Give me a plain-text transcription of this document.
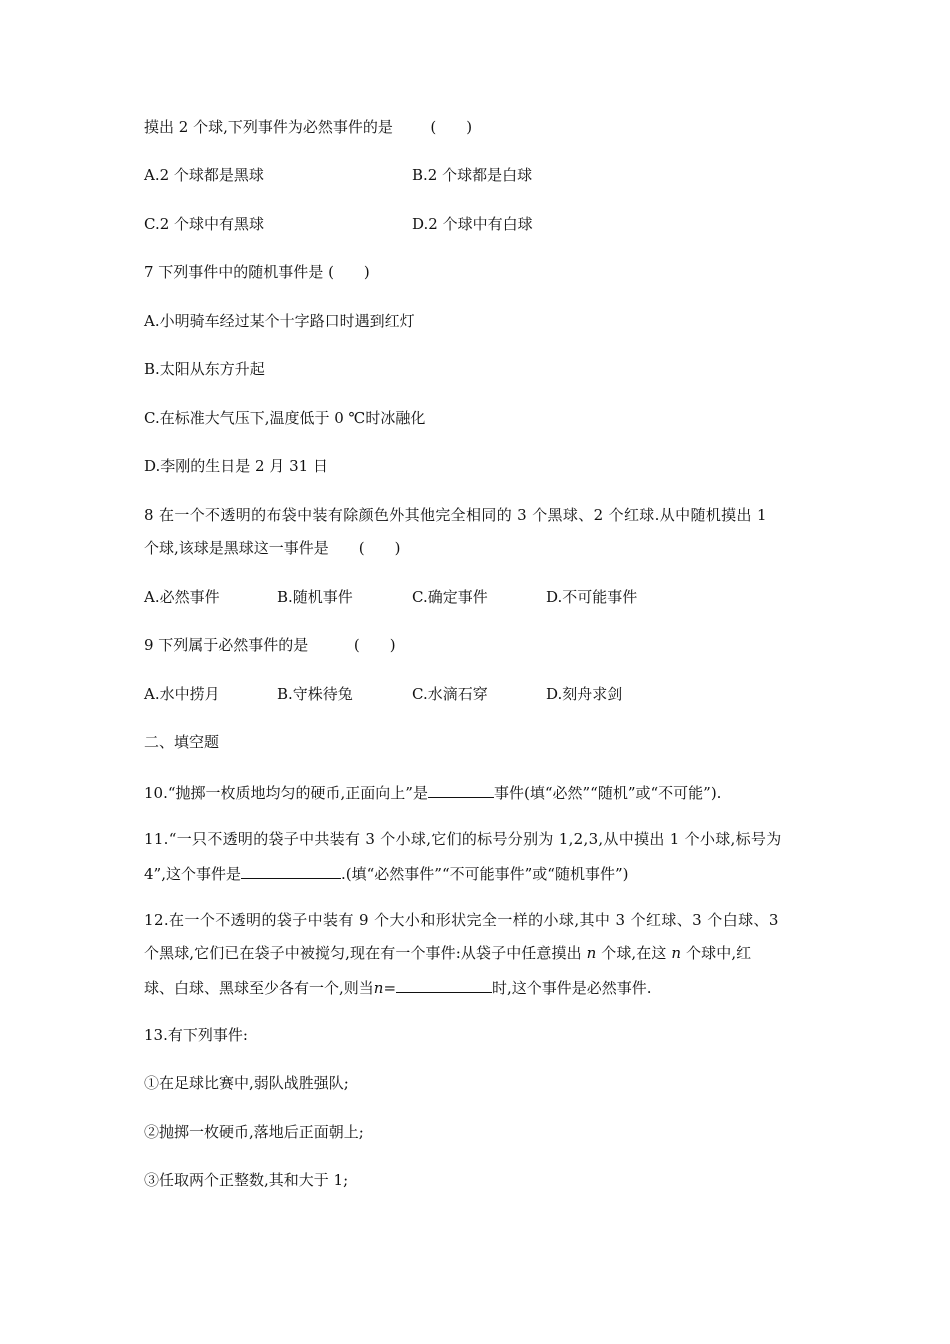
摸出 2 个球,下列事件为必然事件的是	(　　)
A.2 个球都是黑球	B.2 个球都是白球
C.2 个球中有黑球	D.2 个球中有白球
7 下列事件中的随机事件是 (　　)
A.小明骑车经过某个十字路口时遇到红灯
B.太阳从东方升起
C.在标准大气压下,温度低于 0 ℃时冰融化
D.李刚的生日是 2 月 31 日
8 在一个不透明的布袋中装有除颜色外其他完全相同的 3 个黑球、2 个红球.从中随机摸出 1
个球,该球是黑球这一事件是　　(　　)
A.必然事件	B.随机事件	C.确定事件	D.不可能事件
9 下列属于必然事件的是	(　　)
A.水中捞月	B.守株待兔	C.水滴石穿	D.刻舟求剑
二、填空题
10.“抛掷一枚质地均匀的硬币,正面向上”是	事件(填“必然”“随机”或“不可能”).
11.“一只不透明的袋子中共装有 3 个小球,它们的标号分别为 1,2,3,从中摸出 1 个小球,标号为
4”,这个事件是	.(填“必然事件”“不可能事件”或“随机事件”)
12.在一个不透明的袋子中装有 9 个大小和形状完全一样的小球,其中 3 个红球、3 个白球、3
个黑球,它们已在袋子中被搅匀,现在有一个事件:从袋子中任意摸出 n 个球,在这 n 个球中,红
球、白球、黑球至少各有一个,则当n=	时,这个事件是必然事件.
13.有下列事件:
①在足球比赛中,弱队战胜强队;
②抛掷一枚硬币,落地后正面朝上;
③任取两个正整数,其和大于 1;
